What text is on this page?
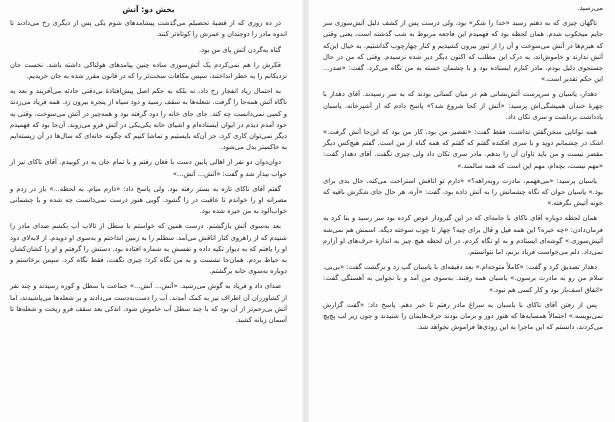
بخش دو: آتش

در ده روزی که از قضیهٔ تحصیلم می‌گذشت پیشامدهای شوم یکی پس از دیگری رخ می‌دادند تا اندوه مادر را دوچندان و عمرش را کوتاه‌تر کنند.

گناه به‌گردن آتش پای من بود.

فکرش را هم نمی‌کردم یک آتش‌سوزی ساده چنین پیامدهای هولناکی داشته باشد. نخست جان نزدیکانم را به خطر انداختند، سپس مکافات سخت‌تر را که در قانون مقرر شده به جان خریدیم.

به احتمال زیاد انفجار رخ داد، نه بلکه به حکم اصل پیش‌افتادهٔ بی‌دقتی حادثه می‌آفریند و بعد به ناگاه آتش همه‌جا را گرفت. شعله‌ها به سقف رسید و دود سیاه از پنجره بیرون زد. همه فریاد می‌زدند و کسی نمی‌دانست چه کند. جای جای خانه را دود گرفته بود و همه‌چیز در آتش می‌سوخت. وقتی به خود آمدم دیدم در ایوان ایستاده‌ام و اشیای خانه یکی‌یکی در آتش فرو می‌روند. آن‌جا بود که فهمیدم دیگر نمی‌توان کاری کرد، جز آن‌که بایستیم و تماشا کنیم که چگونه خانه‌ای که سال‌ها در آن زیسته‌ایم به خاکستر بدل می‌شود.

دوان‌دوان دو نفر از اهالی پایین دست با فغان رفتم و با تمام جان به در کوبیدم. آقای ناکای نیز از خواب بیدار شد و گفت: «آتش... آتش...»

گفتم آقای ناکای تازه به بستر رفته بود. ولی پاسخ داد: «دارم میام. به لحظه...» باز در زدم و مصرانه او را خواندم تا عاقبت در را گشود. گویی هنوز درست نمی‌دانست چه شده و با چشمانی خواب‌آلود به من خیره شده بود.

بعد به‌سوی آتش بازگشتم. درست همین که خواستم با سطل از تالاب آب بکشم صدای مادر را شنیدم که از راهروی کنار اتاقش می‌آمد. سطلم را به زمین انداختم و به‌سوی او دویدم. از لابه‌لای دود او را یافتم که به دیوار تکیه داده و نفسش به شماره افتاده بود. دستش را گرفتم و او را کشان‌کشان به حیاط بردم. همان‌جا نشست و به من نگاه کرد؛ چیزی نگفت، فقط نگاه کرد. سپس برخاستم و دوباره به‌سوی خانه برگشتم.

صدای داد و فریاد به گوش می‌رسید. «آتش... آتش...» جماعت با سطل و کوزه رسیدند و چند نفر از کشاورزان آن اطراف نیز به کمک آمدند. آب را دست‌به‌دست می‌دادند و بر شعله‌ها می‌پاشیدند، اما آتش بی‌رحم‌تر از آن بود که با چند سطل آب خاموش شود. اندکی بعد سقف فرو ریخت و شعله‌ها تا آسمان زبانه کشید.

می‌رسید.

ناگهان چیزی که به ذهنم رسید «خدا را شکر» بود، ولی درست پس از کشف دلیل آتش‌سوزی سر جایم میخکوب شدم. همان لحظه بود که فهمیدم این فاجعه مربوط به شب گذشته است، یعنی وقتی که هیزم‌ها در آتش می‌سوخت و آن را از تنور بیرون کشیدیم و کنار چهارچوب گذاشتیم. به خیال این‌که آتش ندارند و خاموش‌اند، به درک این مطلب که اکنون دیگر دیر شده نرسیدم. وقتی که من در حال جستجوی دلیل بودم، مادر کنارم ایستاده بود و با چشمان خسته به من نگاه می‌کرد. گفت: «صدر... این حکم تقدیر است.»

دهدار، یاسبان و سرپرست آتش‌نشانی هم در میان کسانی بودند که به سر رسیدند. آقای دهدار با چهرهٔ خندان همیشگی‌اش پرسید: «آتش از کجا شروع شد؟» پاسخ دادم که از آشپزخانه. یاسبان یادداشت برداشت و سری تکان داد.

همه توانایی سخن‌گفتن نداشت، فقط گفت: «تقصیر من بود، کار من بود که این‌جا آتش گرفت.» اشک در چشمانم دوید و با سری افکنده گفتم که گفتم که همه گناه از من است. گفتم هیچ‌کس دیگر مقصر نیست و من باید تاوان آن را بدهم. مادر سری تکان داد ولی چیزی نگفت. آقای دهدار گفت: «مهم نیست، بچه‌ام، مهم این است که همه سالمند.»

یاسبان پرسید: «می‌فهمم، مادرت روبه‌راهه؟» «دارم تو اتاقش استراحت می‌کنه، حال بدی برای بود.» یاسبان جوان که نگاه چشمانش را به آتش داده بود، گفت: «آره، هر حال جای شکرش باقیه که خونه آتیش نگرفته.»

همان لحظه دوباره آقای ناکای با جامه‌ای که در این گیرودار عوض کرده بود سر رسید و بنا کرد به فرمان‌دادن: «چه خبره؟ این همه فیل و قال برای چیه؟ چهار تا چوب سوخته دیگه. اسمش هم نمی‌شه آتیش‌سوزی.» گوشه‌ای ایستادم و به او نگاه کردم. در آن لحظه هیچ چیز به اندازهٔ حرف‌های او آزارم نمی‌داد. دلم می‌خواست فریاد بزنم، اما نتوانستم.

دهدار تصدیق کرد و گفت: «کاملاً متوجه‌ام.» بعد دقیقه‌ای با یاسبان گپ زد و برگشت گفت: «بی‌بی، سلام من رو به مادرت برسون.» یاسبان همه رفتند. به‌سوی من آمد و با نجوایی به آهستگی گفت: «اتفاق اسف‌بار بود و کار کسی هم نبود.»

پس از رفتن آقای ناکای با یاسبان به سراغ مادر رفتم تا خبر دهم. پاسخ داد: «گفت گزارش نمی‌نویسه.» احتمالاً همسایه‌ها که هنوز دور و برمان بودند حرف‌هایمان را شنیدند و چون زیر لب پچ‌پچ می‌کردند، دانستم که این ماجرا به این زودی‌ها فراموش نخواهد شد.
